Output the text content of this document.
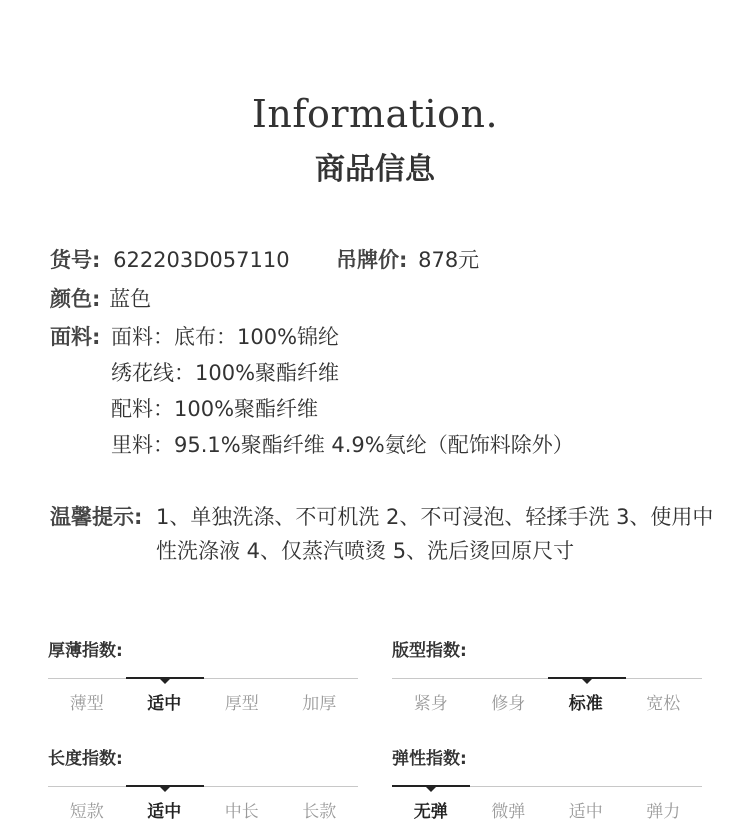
Information.
商品信息
货号: 622203D057110 吊牌价: 878元
颜色: 蓝色
面料: 面料：底布：100%锦纶
绣花线：100%聚酯纤维
配料：100%聚酯纤维
里料：95.1%聚酯纤维 4.9%氨纶（配饰料除外）
温馨提示: 1、单独洗涤、不可机洗 2、不可浸泡、轻揉手洗 3、使用中性洗涤液 4、仅蒸汽喷烫 5、洗后烫回原尺寸
厚薄指数:
薄型	适中	厚型	加厚
版型指数:
紧身	修身	标准	宽松
长度指数:
短款	适中	中长	长款
弹性指数:
无弹	微弹	适中	弹力
